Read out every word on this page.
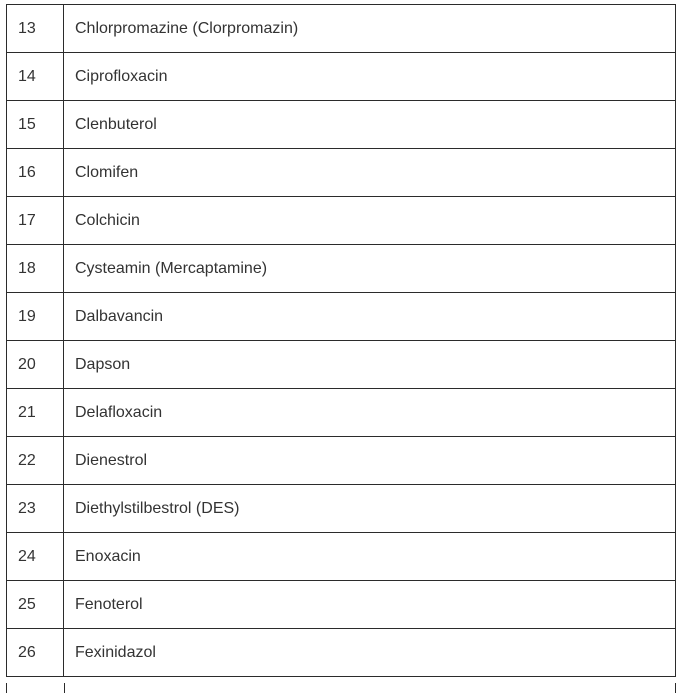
13	Chlorpromazine (Clorpromazin)
14	Ciprofloxacin
15	Clenbuterol
16	Clomifen
17	Colchicin
18	Cysteamin (Mercaptamine)
19	Dalbavancin
20	Dapson
21	Delafloxacin
22	Dienestrol
23	Diethylstilbestrol (DES)
24	Enoxacin
25	Fenoterol
26	Fexinidazol
